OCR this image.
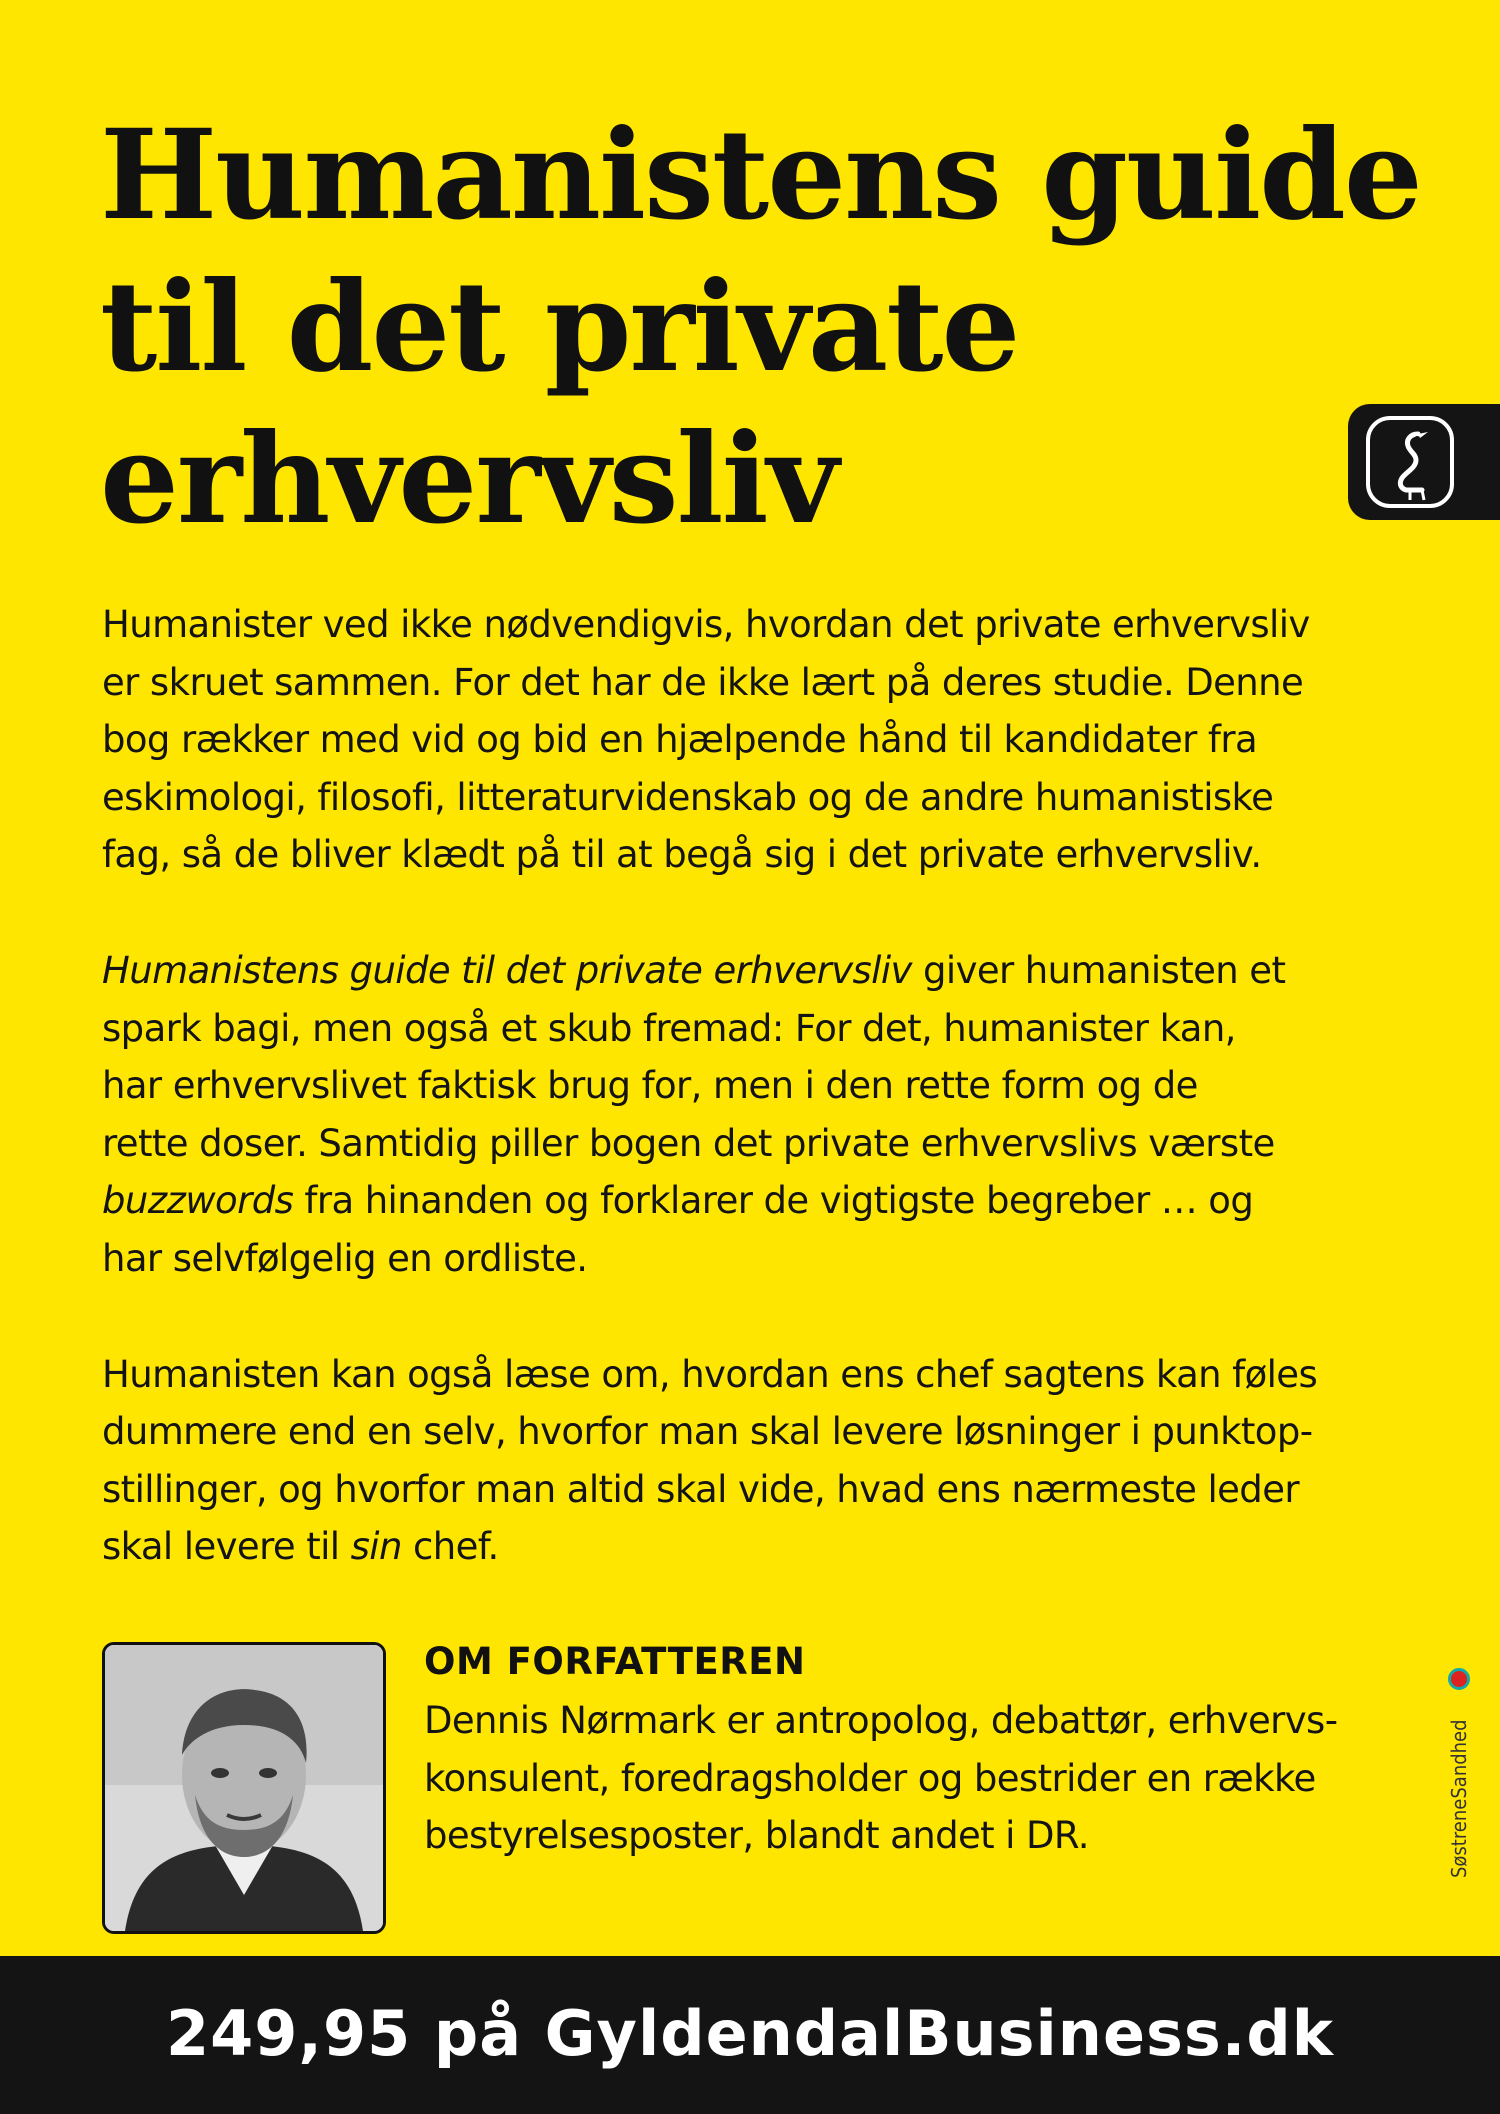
Humanistens guide
til det private
erhvervsliv

Humanister ved ikke nødvendigvis, hvordan det private erhvervsliv
er skruet sammen. For det har de ikke lært på deres studie. Denne
bog rækker med vid og bid en hjælpende hånd til kandidater fra
eskimologi, filosofi, litteraturvidenskab og de andre humanistiske
fag, så de bliver klædt på til at begå sig i det private erhvervsliv.

Humanistens guide til det private erhvervsliv giver humanisten et
spark bagi, men også et skub fremad: For det, humanister kan,
har erhvervslivet faktisk brug for, men i den rette form og de
rette doser. Samtidig piller bogen det private erhvervslivs værste
buzzwords fra hinanden og forklarer de vigtigste begreber … og
har selvfølgelig en ordliste.

Humanisten kan også læse om, hvordan ens chef sagtens kan føles
dummere end en selv, hvorfor man skal levere løsninger i punktop-
stillinger, og hvorfor man altid skal vide, hvad ens nærmeste leder
skal levere til sin chef.

OM FORFATTEREN
Dennis Nørmark er antropolog, debattør, erhvervs-
konsulent, foredragsholder og bestrider en række
bestyrelsesposter, blandt andet i DR.	SøstreneSandhed
249,95 på GyldendalBusiness.dk
